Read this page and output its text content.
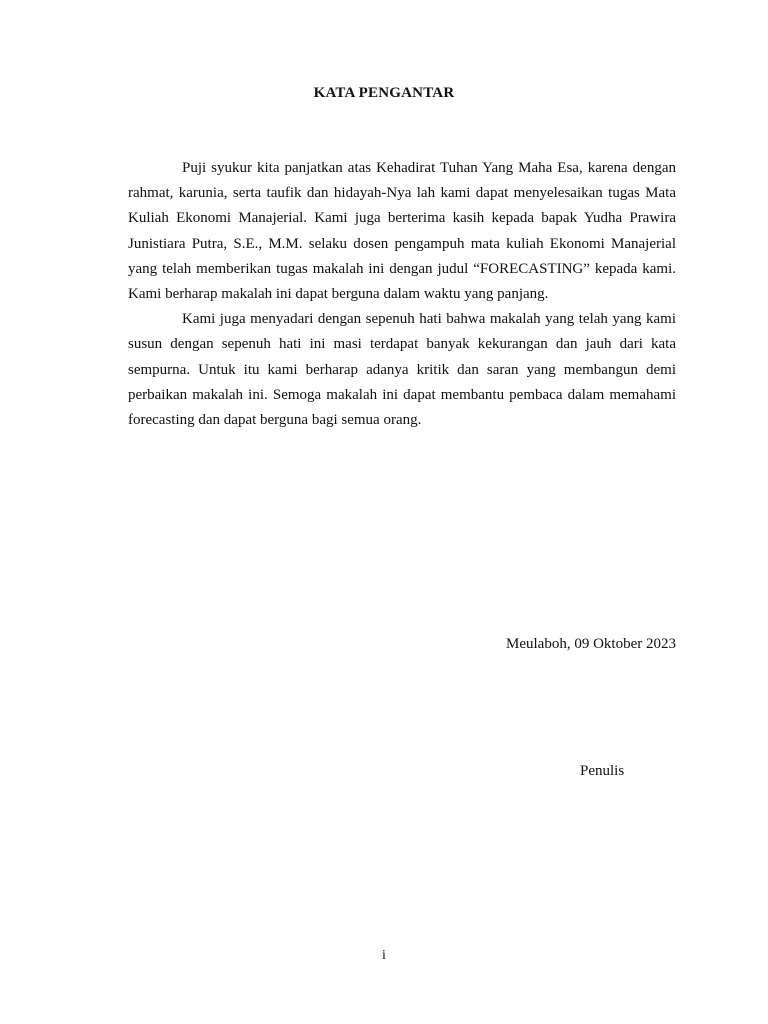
KATA PENGANTAR

Puji syukur kita panjatkan atas Kehadirat Tuhan Yang Maha Esa, karena dengan rahmat, karunia, serta taufik dan hidayah-Nya lah kami dapat menyelesaikan tugas Mata Kuliah Ekonomi Manajerial. Kami juga berterima kasih kepada bapak Yudha Prawira Junistiara Putra, S.E., M.M. selaku dosen pengampuh mata kuliah Ekonomi Manajerial yang telah memberikan tugas makalah ini dengan judul “FORECASTING” kepada kami. Kami berharap makalah ini dapat berguna dalam waktu yang panjang.

Kami juga menyadari dengan sepenuh hati bahwa makalah yang telah yang kami susun dengan sepenuh hati ini masi terdapat banyak kekurangan dan jauh dari kata sempurna. Untuk itu kami berharap adanya kritik dan saran yang membangun demi perbaikan makalah ini. Semoga makalah ini dapat membantu pembaca dalam memahami forecasting dan dapat berguna bagi semua orang.

Meulaboh, 09 Oktober 2023
Penulis
i
